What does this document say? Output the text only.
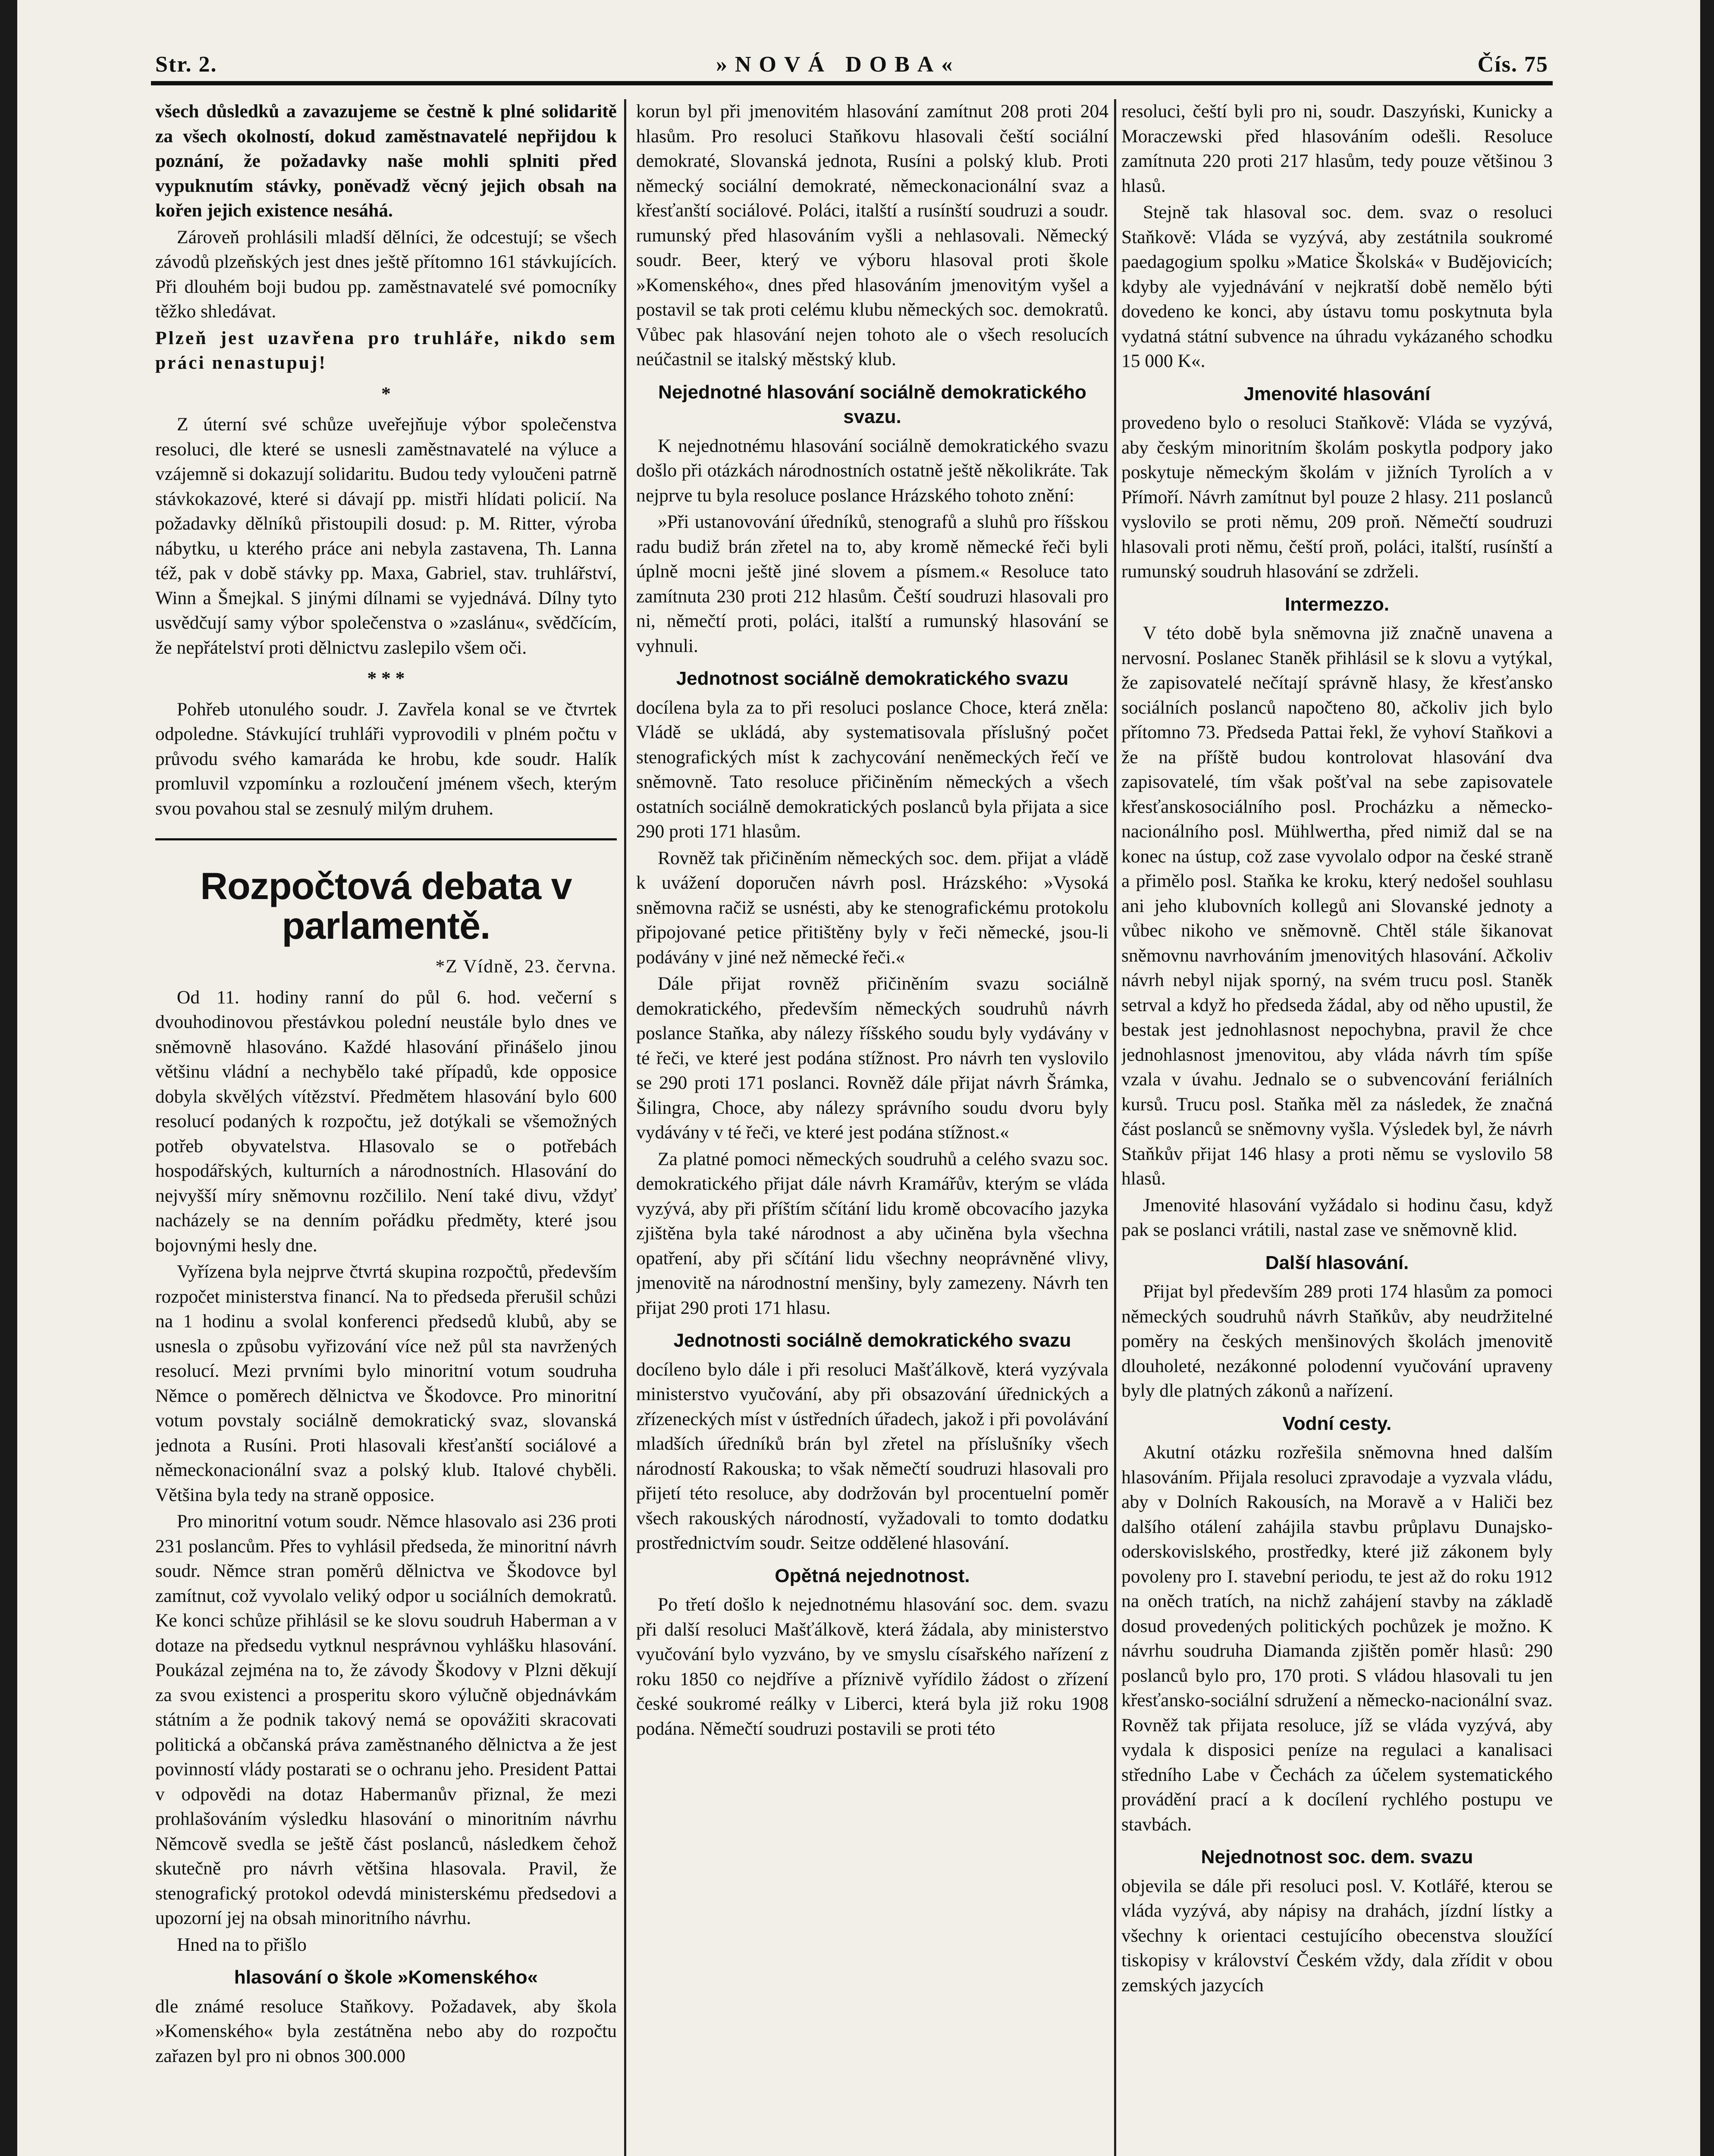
Str. 2.	»NOVÁ DOBA«	Čís. 75

všech důsledků a zavazujeme se čestně k plné solidaritě za všech okolností, dokud zaměstnavatelé nepřijdou k poznání, že požadavky naše mohli splniti před vypuknutím stávky, poněvadž věcný jejich obsah na kořen jejich existence nesáhá.

Zároveň prohlásili mladší dělníci, že odcestují; se všech závodů plzeňských jest dnes ještě přítomno 161 stávkujících. Při dlouhém boji budou pp. zaměstnavatelé své pomocníky těžko shledávat.

Plzeň jest uzavřena pro truhláře, nikdo sem práci nenastupuj!

*

Z úterní své schůze uveřejňuje výbor společenstva resoluci, dle které se usnesli zaměstnavatelé na výluce a vzájemně si dokazují solidaritu. Budou tedy vyloučeni patrně stávkokazové, které si dávají pp. mistři hlídati policií. Na požadavky dělníků přistoupili dosud: p. M. Ritter, výroba nábytku, u kterého práce ani nebyla zastavena, Th. Lanna též, pak v době stávky pp. Maxa, Gabriel, stav. truhlářství, Winn a Šmejkal. S jinými dílnami se vyjednává. Dílny tyto usvědčují samy výbor společenstva o »zaslánu«, svědčícím, že nepřátelství proti dělnictvu zaslepilo všem oči.

* * *

Pohřeb utonulého soudr. J. Zavřela konal se ve čtvrtek odpoledne. Stávkující truhláři vyprovodili v plném počtu v průvodu svého kamaráda ke hrobu, kde soudr. Halík promluvil vzpomínku a rozloučení jménem všech, kterým svou povahou stal se zesnulý milým druhem.

Rozpočtová debata v parlamentě.
*Z Vídně, 23. června.

Od 11. hodiny ranní do půl 6. hod. večerní s dvouhodinovou přestávkou polední neustále bylo dnes ve sněmovně hlasováno. Každé hlasování přinášelo jinou většinu vládní a nechybělo také případů, kde opposice dobyla skvělých vítězství. Předmětem hlasování bylo 600 resolucí podaných k rozpočtu, jež dotýkali se všemožných potřeb obyvatelstva. Hlasovalo se o potřebách hospodářských, kulturních a národnostních. Hlasování do nejvyšší míry sněmovnu rozčililo. Není také divu, vždyť nacházely se na denním pořádku předměty, které jsou bojovnými hesly dne.

Vyřízena byla nejprve čtvrtá skupina rozpočtů, především rozpočet ministerstva financí. Na to předseda přerušil schůzi na 1 hodinu a svolal konferenci předsedů klubů, aby se usnesla o způsobu vyřizování více než půl sta navržených resolucí. Mezi prvními bylo minoritní votum soudruha Němce o poměrech dělnictva ve Škodovce. Pro minoritní votum povstaly sociálně demokratický svaz, slovanská jednota a Rusíni. Proti hlasovali křesťanští sociálové a německonacionální svaz a polský klub. Italové chyběli. Většina byla tedy na straně opposice.

Pro minoritní votum soudr. Němce hlasovalo asi 236 proti 231 poslancům. Přes to vyhlásil předseda, že minoritní návrh soudr. Němce stran poměrů dělnictva ve Škodovce byl zamítnut, což vyvolalo veliký odpor u sociálních demokratů. Ke konci schůze přihlásil se ke slovu soudruh Haberman a v dotaze na předsedu vytknul nesprávnou vyhlášku hlasování. Poukázal zejména na to, že závody Škodovy v Plzni děkují za svou existenci a prosperitu skoro výlučně objednávkám státním a že podnik takový nemá se opovážiti skracovati politická a občanská práva zaměstnaného dělnictva a že jest povinností vlády postarati se o ochranu jeho. President Pattai v odpovědi na dotaz Habermanův přiznal, že mezi prohlašováním výsledku hlasování o minoritním návrhu Němcově svedla se ještě část poslanců, následkem čehož skutečně pro návrh většina hlasovala. Pravil, že stenografický protokol odevdá ministerskému předsedovi a upozorní jej na obsah minoritního návrhu.

Hned na to přišlo

hlasování o škole »Komenského«

dle známé resoluce Staňkovy. Požadavek, aby škola »Komenského« byla zestátněna nebo aby do rozpočtu zařazen byl pro ni obnos 300.000

korun byl při jmenovitém hlasování zamítnut 208 proti 204 hlasům. Pro resoluci Staňkovu hlasovali čeští sociální demokraté, Slovanská jednota, Rusíni a polský klub. Proti německý sociální demokraté, německonacionální svaz a křesťanští sociálové. Poláci, italští a rusínští soudruzi a soudr. rumunský před hlasováním vyšli a nehlasovali. Německý soudr. Beer, který ve výboru hlasoval proti škole »Komenského«, dnes před hlasováním jmenovitým vyšel a postavil se tak proti celému klubu německých soc. demokratů. Vůbec pak hlasování nejen tohoto ale o všech resolucích neúčastnil se italský městský klub.

Nejednotné hlasování sociálně demokratického svazu.

K nejednotnému hlasování sociálně demokratického svazu došlo při otázkách národnostních ostatně ještě několikráte. Tak nejprve tu byla resoluce poslance Hrázského tohoto znění:

»Při ustanovování úředníků, stenografů a sluhů pro říšskou radu budiž brán zřetel na to, aby kromě německé řeči byli úplně mocni ještě jiné slovem a písmem.« Resoluce tato zamítnuta 230 proti 212 hlasům. Čeští soudruzi hlasovali pro ni, němečtí proti, poláci, italští a rumunský hlasování se vyhnuli.

Jednotnost sociálně demokratického svazu

docílena byla za to při resoluci poslance Choce, která zněla: Vládě se ukládá, aby systematisovala příslušný počet stenografických míst k zachycování neněmeckých řečí ve sněmovně. Tato resoluce přičiněním německých a všech ostatních sociálně demokratických poslanců byla přijata a sice 290 proti 171 hlasům.

Rovněž tak přičiněním německých soc. dem. přijat a vládě k uvážení doporučen návrh posl. Hrázského: »Vysoká sněmovna račiž se usnésti, aby ke stenografickému protokolu připojované petice přitištěny byly v řeči německé, jsou-li podávány v jiné než německé řeči.«

Dále přijat rovněž přičiněním svazu sociálně demokratického, především německých soudruhů návrh poslance Staňka, aby nálezy říšského soudu byly vydávány v té řeči, ve které jest podána stížnost. Pro návrh ten vyslovilo se 290 proti 171 poslanci. Rovněž dále přijat návrh Šrámka, Šilingra, Choce, aby nálezy správního soudu dvoru byly vydávány v té řeči, ve které jest podána stížnost.«

Za platné pomoci německých soudruhů a celého svazu soc. demokratického přijat dále návrh Kramářův, kterým se vláda vyzývá, aby při příštím sčítání lidu kromě obcovacího jazyka zjištěna byla také národnost a aby učiněna byla všechna opatření, aby při sčítání lidu všechny neoprávněné vlivy, jmenovitě na národnostní menšiny, byly zamezeny. Návrh ten přijat 290 proti 171 hlasu.

Jednotnosti sociálně demokratického svazu

docíleno bylo dále i při resoluci Mašťálkově, která vyzývala ministerstvo vyučování, aby při obsazování úřednických a zřízeneckých míst v ústředních úřadech, jakož i při povolávání mladších úředníků brán byl zřetel na příslušníky všech národností Rakouska; to však němečtí soudruzi hlasovali pro přijetí této resoluce, aby dodržován byl procentuelní poměr všech rakouských národností, vyžadovali to tomto dodatku prostřednictvím soudr. Seitze oddělené hlasování.

Opětná nejednotnost.

Po třetí došlo k nejednotnému hlasování soc. dem. svazu při další resoluci Mašťálkově, která žádala, aby ministerstvo vyučování bylo vyzváno, by ve smyslu císařského nařízení z roku 1850 co nejdříve a příznivě vyřídilo žádost o zřízení české soukromé reálky v Liberci, která byla již roku 1908 podána. Němečtí soudruzi postavili se proti této

resoluci, čeští byli pro ni, soudr. Daszyński, Kunicky a Moraczewski před hlasováním odešli. Resoluce zamítnuta 220 proti 217 hlasům, tedy pouze většinou 3 hlasů.

Stejně tak hlasoval soc. dem. svaz o resoluci Staňkově: Vláda se vyzývá, aby zestátnila soukromé paedagogium spolku »Matice Školská« v Budějovicích; kdyby ale vyjednávání v nejkratší době nemělo býti dovedeno ke konci, aby ústavu tomu poskytnuta byla vydatná státní subvence na úhradu vykázaného schodku 15 000 K«.

Jmenovité hlasování

provedeno bylo o resoluci Staňkově: Vláda se vyzývá, aby českým minoritním školám poskytla podpory jako poskytuje německým školám v jižních Tyrolích a v Přímoří. Návrh zamítnut byl pouze 2 hlasy. 211 poslanců vyslovilo se proti němu, 209 proň. Němečtí soudruzi hlasovali proti němu, čeští proň, poláci, italští, rusínští a rumunský soudruh hlasování se zdrželi.

Intermezzo.

V této době byla sněmovna již značně unavena a nervosní. Poslanec Staněk přihlásil se k slovu a vytýkal, že zapisovatelé nečítají správně hlasy, že křesťansko sociálních poslanců napočteno 80, ačkoliv jich bylo přítomno 73. Předseda Pattai řekl, že vyhoví Staňkovi a že na příště budou kontrolovat hlasování dva zapisovatelé, tím však pošťval na sebe zapisovatele křesťanskosociálního posl. Procházku a německo-nacionálního posl. Mühlwertha, před nimiž dal se na konec na ústup, což zase vyvolalo odpor na české straně a přimělo posl. Staňka ke kroku, který nedošel souhlasu ani jeho klubovních kollegů ani Slovanské jednoty a vůbec nikoho ve sněmovně. Chtěl stále šikanovat sněmovnu navrhováním jmenovitých hlasování. Ačkoliv návrh nebyl nijak sporný, na svém trucu posl. Staněk setrval a když ho předseda žádal, aby od něho upustil, že bestak jest jednohlasnost nepochybna, pravil že chce jednohlasnost jmenovitou, aby vláda návrh tím spíše vzala v úvahu. Jednalo se o subvencování feriálních kursů. Trucu posl. Staňka měl za následek, že značná část poslanců se sněmovny vyšla. Výsledek byl, že návrh Staňkův přijat 146 hlasy a proti němu se vyslovilo 58 hlasů.

Jmenovité hlasování vyžádalo si hodinu času, když pak se poslanci vrátili, nastal zase ve sněmovně klid.

Další hlasování.

Přijat byl především 289 proti 174 hlasům za pomoci německých soudruhů návrh Staňkův, aby neudržitelné poměry na českých menšinových školách jmenovitě dlouholeté, nezákonné polodenní vyučování upraveny byly dle platných zákonů a nařízení.

Vodní cesty.

Akutní otázku rozřešila sněmovna hned dalším hlasováním. Přijala resoluci zpravodaje a vyzvala vládu, aby v Dolních Rakousích, na Moravě a v Haliči bez dalšího otálení zahájila stavbu průplavu Dunajsko-oderskovislského, prostředky, které již zákonem byly povoleny pro I. stavební periodu, te jest až do roku 1912 na oněch tratích, na nichž zahájení stavby na základě dosud provedených politických pochůzek je možno. K návrhu soudruha Diamanda zjištěn poměr hlasů: 290 poslanců bylo pro, 170 proti. S vládou hlasovali tu jen křesťansko-sociální sdružení a německo-nacionální svaz. Rovněž tak přijata resoluce, jíž se vláda vyzývá, aby vydala k disposici peníze na regulaci a kanalisaci středního Labe v Čechách za účelem systematického provádění prací a k docílení rychlého postupu ve stavbách.

Nejednotnost soc. dem. svazu

objevila se dále při resoluci posl. V. Kotlářé, kterou se vláda vyzývá, aby nápisy na drahách, jízdní lístky a všechny k orientaci cestujícího obecenstva sloužící tiskopisy v království Českém vždy, dala zřídit v obou zemských jazycích
